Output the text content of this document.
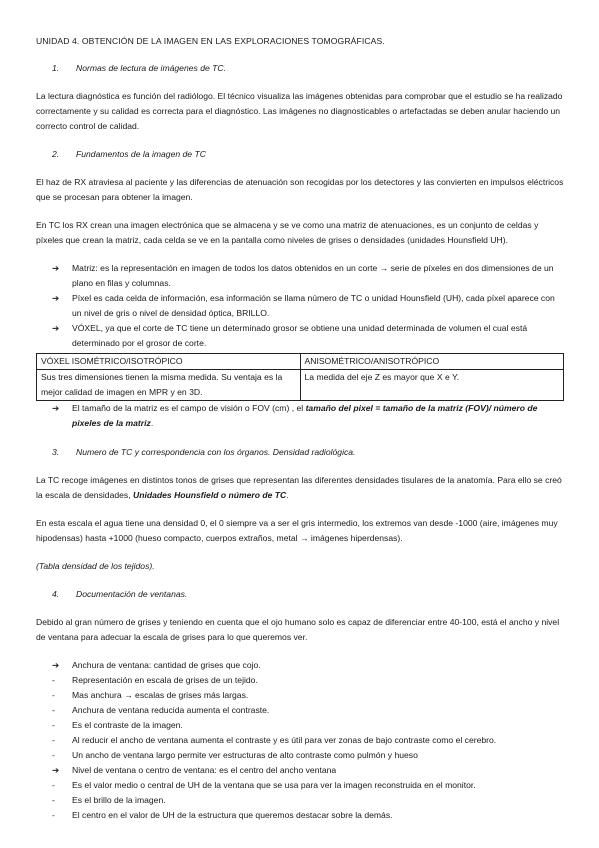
UNIDAD 4. OBTENCIÓN DE LA IMAGEN EN LAS EXPLORACIONES TOMOGRÁFICAS.

1.	Normas de lectura de imágenes de TC.

La lectura diagnóstica es función del radiólogo. El técnico visualiza las imágenes obtenidas para comprobar que el estudio se ha realizado correctamente y su calidad es correcta para el diagnóstico. Las imágenes no diagnosticables o artefactadas se deben anular haciendo un correcto control de calidad.

2.	Fundamentos de la imagen de TC

El haz de RX atraviesa al paciente y las diferencias de atenuación son recogidas por los detectores y las convierten en impulsos eléctricos que se procesan para obtener la imagen.

En TC los RX crean una imagen electrónica que se almacena y se ve como una matriz de atenuaciones, es un conjunto de celdas y píxeles que crean la matriz, cada celda se ve en la pantalla como niveles de grises o densidades (unidades Hounsfield UH).

➔	Matriz: es la representación en imagen de todos los datos obtenidos en un corte → serie de píxeles en dos dimensiones de un plano en filas y columnas.
➔	Píxel es cada celda de información, esa información se llama número de TC o unidad Hounsfield (UH), cada píxel aparece con un nivel de gris o nivel de densidad óptica, BRILLO.
➔	VÓXEL, ya que el corte de TC tiene un determinado grosor se obtiene una unidad determinada de volumen el cual está determinado por el grosor de corte.
VÓXEL ISOMÉTRICO/ISOTRÓPICO	ANISOMÉTRICO/ANISOTRÓPICO
Sus tres dimensiones tienen la misma medida. Su ventaja es la mejor calidad de imagen en MPR y en 3D.	La medida del eje Z es mayor que X e Y.
➔	El tamaño de la matriz es el campo de visión o FOV (cm) , el tamaño del pixel = tamaño de la matriz (FOV)/ número de pixeles de la matriz.
3.	Numero de TC y correspondencia con los órganos. Densidad radiológica.

La TC recoge imágenes en distintos tonos de grises que representan las diferentes densidades tisulares de la anatomía. Para ello se creó la escala de densidades, Unidades Hounsfield o número de TC.

En esta escala el agua tiene una densidad 0, el 0 siempre va a ser el gris intermedio, los extremos van desde -1000 (aire, imágenes muy hipodensas) hasta +1000 (hueso compacto, cuerpos extraños, metal → imágenes hiperdensas).

(Tabla densidad de los tejidos).

4.	Documentación de ventanas.

Debido al gran número de grises y teniendo en cuenta que el ojo humano solo es capaz de diferenciar entre 40-100, está el ancho y nivel de ventana para adecuar la escala de grises para lo que queremos ver.

➔	Anchura de ventana: cantidad de grises que cojo.
-	Representación en escala de grises de un tejido.
-	Mas anchura → escalas de grises más largas.
-	Anchura de ventana reducida aumenta el contraste.
-	Es el contraste de la imagen.
-	Al reducir el ancho de ventana aumenta el contraste y es útil para ver zonas de bajo contraste como el cerebro.
-	Un ancho de ventana largo permite ver estructuras de alto contraste como pulmón y hueso
➔	Nivel de ventana o centro de ventana: es el centro del ancho ventana
-	Es el valor medio o central de UH de la ventana que se usa para ver la imagen reconstruida en el monitor.
-	Es el brillo de la imagen.
-	El centro en el valor de UH de la estructura que queremos destacar sobre la demás.
